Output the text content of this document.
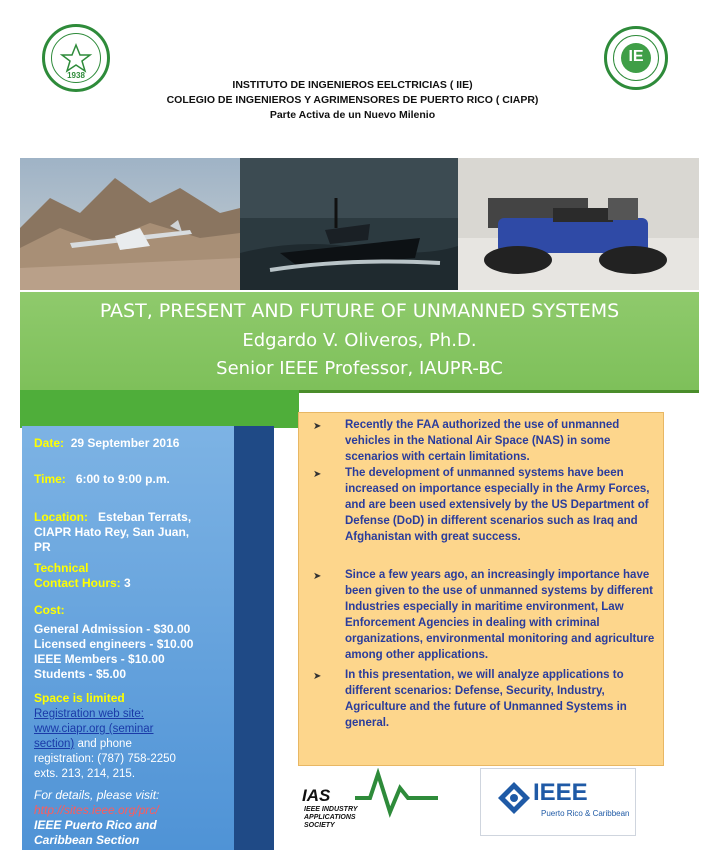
1938
IE
INSTITUTO DE INGENIEROS EELCTRICIAS ( IIE)
COLEGIO DE INGENIEROS Y AGRIMENSORES DE PUERTO RICO ( CIAPR)
Parte Activa de un Nuevo Milenio
PAST, PRESENT AND FUTURE OF UNMANNED SYSTEMS
Edgardo V. Oliveros, Ph.D.
Senior IEEE Professor, IAUPR-BC
Date: 29 September 2016
Time: 6:00 to 9:00 p.m.
Location: Esteban Terrats,
CIAPR Hato Rey, San Juan,
PR
Technical
Contact Hours: 3
Cost:
General Admission - $30.00
Licensed engineers - $10.00
IEEE Members - $10.00
Students - $5.00
Space is limited
Registration web site:
www.ciapr.org (seminar
section) and phone
registration: (787) 758-2250
exts. 213, 214, 215.
For details, please visit:
http://sites.ieee.org/prc/
IEEE Puerto Rico and
Caribbean Section
➤ Recently the FAA authorized the use of unmanned vehicles in the National Air Space (NAS) in some scenarios with certain limitations.
➤ The development of unmanned systems have been increased on importance especially in the Army Forces, and are been used extensively by the US Department of Defense (DoD) in different scenarios such as Iraq and Afghanistan with great success.
➤ Since a few years ago, an increasingly importance have been given to the use of unmanned systems by different Industries especially in maritime environment, Law Enforcement Agencies in dealing with criminal organizations, environmental monitoring and agriculture among other applications.
➤ In this presentation, we will analyze applications to different scenarios: Defense, Security, Industry, Agriculture and the future of Unmanned Systems in general.
IAS
IEEE INDUSTRY
APPLICATIONS
SOCIETY
IEEE
Puerto Rico & Caribbean
